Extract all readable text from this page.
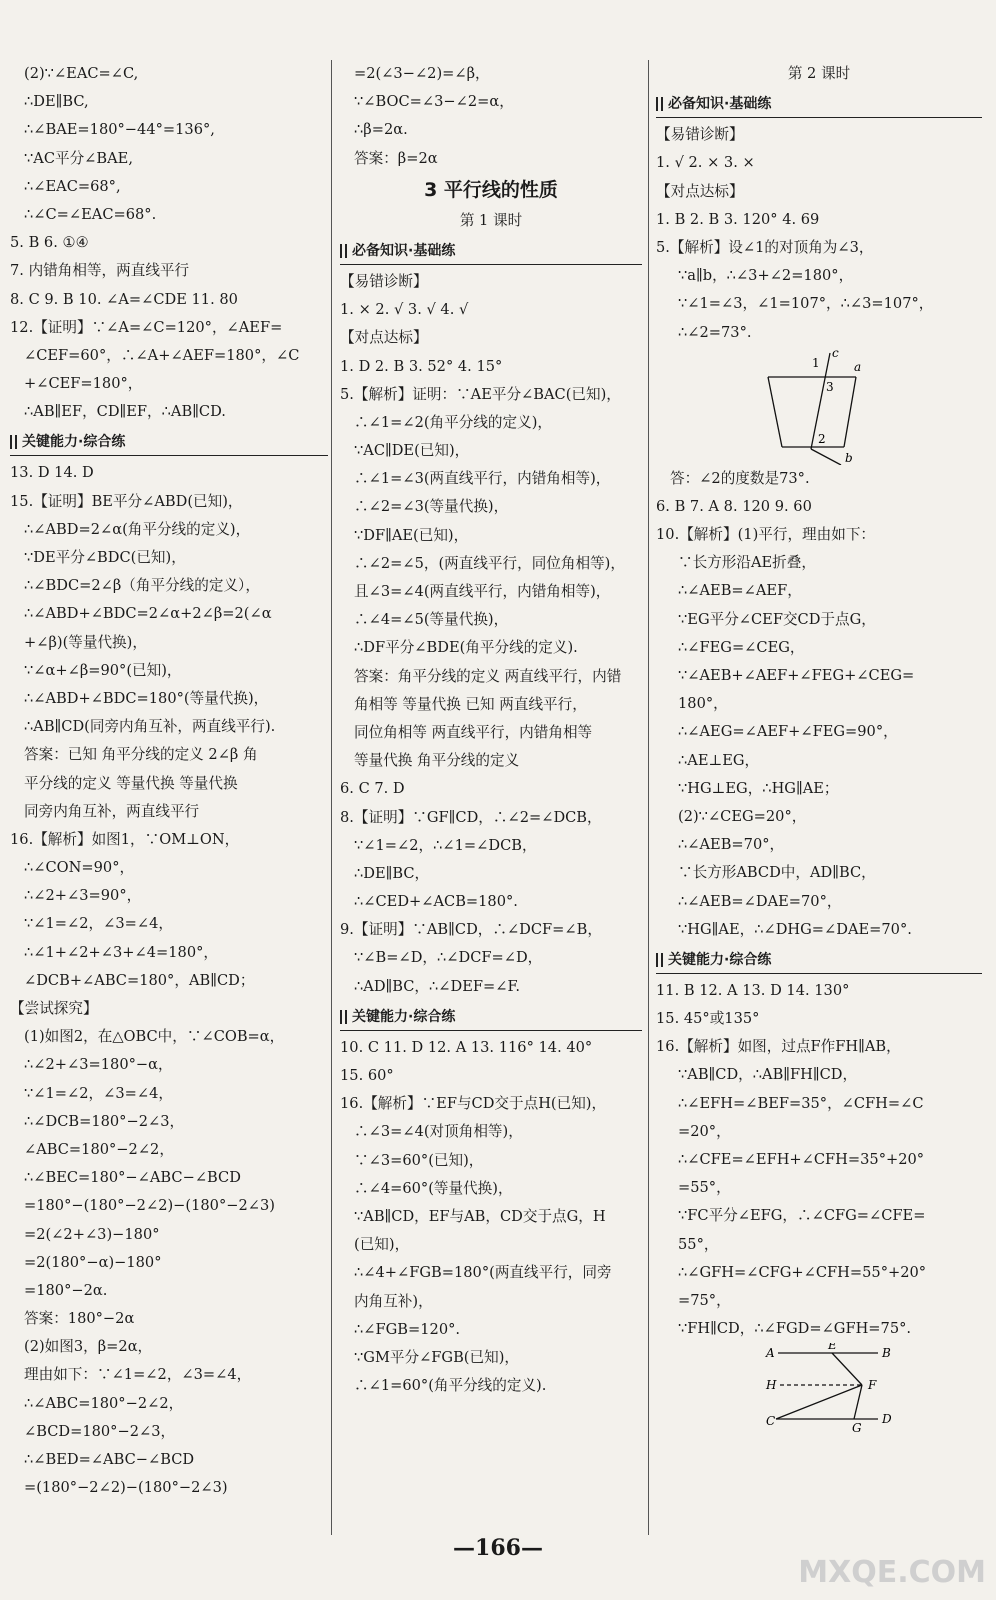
(2)∵∠EAC=∠C,
∴DE∥BC,
∴∠BAE=180°−44°=136°,
∵AC平分∠BAE,
∴∠EAC=68°,
∴∠C=∠EAC=68°.
5. B 6. ①④
7. 内错角相等，两直线平行
8. C 9. B 10. ∠A=∠CDE 11. 80
12.【证明】∵∠A=∠C=120°，∠AEF=
∠CEF=60°，∴∠A+∠AEF=180°，∠C
+∠CEF=180°，
∴AB∥EF，CD∥EF，∴AB∥CD.
关键能力·综合练
13. D 14. D
15.【证明】BE平分∠ABD(已知)，
∴∠ABD=2∠α(角平分线的定义)，
∵DE平分∠BDC(已知)，
∴∠BDC=2∠β（角平分线的定义），
∴∠ABD+∠BDC=2∠α+2∠β=2(∠α
+∠β)(等量代换)，
∵∠α+∠β=90°(已知)，
∴∠ABD+∠BDC=180°(等量代换)，
∴AB∥CD(同旁内角互补，两直线平行).
答案：已知 角平分线的定义 2∠β 角
平分线的定义 等量代换 等量代换
同旁内角互补，两直线平行
16.【解析】如图1，∵OM⊥ON，
∴∠CON=90°，
∴∠2+∠3=90°，
∵∠1=∠2，∠3=∠4，
∴∠1+∠2+∠3+∠4=180°，
∠DCB+∠ABC=180°，AB∥CD；
【尝试探究】
(1)如图2，在△OBC中，∵∠COB=α，
∴∠2+∠3=180°−α，
∵∠1=∠2，∠3=∠4，
∴∠DCB=180°−2∠3，
∠ABC=180°−2∠2，
∴∠BEC=180°−∠ABC−∠BCD
=180°−(180°−2∠2)−(180°−2∠3)
=2(∠2+∠3)−180°
=2(180°−α)−180°
=180°−2α.
答案：180°−2α
(2)如图3，β=2α，
理由如下：∵∠1=∠2，∠3=∠4，
∴∠ABC=180°−2∠2，
∠BCD=180°−2∠3，
∴∠BED=∠ABC−∠BCD
=(180°−2∠2)−(180°−2∠3)
=2(∠3−∠2)=∠β，
∵∠BOC=∠3−∠2=α，
∴β=2α.
答案：β=2α
3 平行线的性质
第 1 课时
必备知识·基础练
【易错诊断】
1. × 2. √ 3. √ 4. √
【对点达标】
1. D 2. B 3. 52° 4. 15°
5.【解析】证明：∵AE平分∠BAC(已知)，
∴∠1=∠2(角平分线的定义)，
∵AC∥DE(已知)，
∴∠1=∠3(两直线平行，内错角相等)，
∴∠2=∠3(等量代换)，
∵DF∥AE(已知)，
∴∠2=∠5，(两直线平行，同位角相等)，
且∠3=∠4(两直线平行，内错角相等)，
∴∠4=∠5(等量代换)，
∴DF平分∠BDE(角平分线的定义).
答案：角平分线的定义 两直线平行，内错
角相等 等量代换 已知 两直线平行，
同位角相等 两直线平行，内错角相等
等量代换 角平分线的定义
6. C 7. D
8.【证明】∵GF∥CD，∴∠2=∠DCB，
∵∠1=∠2，∴∠1=∠DCB，
∴DE∥BC，
∴∠CED+∠ACB=180°.
9.【证明】∵AB∥CD，∴∠DCF=∠B，
∵∠B=∠D，∴∠DCF=∠D，
∴AD∥BC，∴∠DEF=∠F.
关键能力·综合练
10. C 11. D 12. A 13. 116° 14. 40°
15. 60°
16.【解析】∵EF与CD交于点H(已知)，
∴∠3=∠4(对顶角相等)，
∵∠3=60°(已知)，
∴∠4=60°(等量代换)，
∵AB∥CD，EF与AB，CD交于点G，H
(已知)，
∴∠4+∠FGB=180°(两直线平行，同旁
内角互补)，
∴∠FGB=120°.
∵GM平分∠FGB(已知)，
∴∠1=60°(角平分线的定义).
第 2 课时
必备知识·基础练
【易错诊断】
1. √ 2. × 3. ×
【对点达标】
1. B 2. B 3. 120° 4. 69
5.【解析】设∠1的对顶角为∠3，
∵a∥b，∴∠3+∠2=180°，
∵∠1=∠3，∠1=107°，∴∠3=107°，
∴∠2=73°.
a
b
c
1
2
3
答：∠2的度数是73°.
6. B 7. A 8. 120 9. 60
10.【解析】(1)平行，理由如下：
∵长方形沿AE折叠，
∴∠AEB=∠AEF，
∵EG平分∠CEF交CD于点G，
∴∠FEG=∠CEG，
∵∠AEB+∠AEF+∠FEG+∠CEG=
180°，
∴∠AEG=∠AEF+∠FEG=90°，
∴AE⊥EG，
∵HG⊥EG，∴HG∥AE；
(2)∵∠CEG=20°，
∴∠AEB=70°，
∵长方形ABCD中，AD∥BC，
∴∠AEB=∠DAE=70°，
∵HG∥AE，∴∠DHG=∠DAE=70°.
关键能力·综合练
11. B 12. A 13. D 14. 130°
15. 45°或135°
16.【解析】如图，过点F作FH∥AB，
∵AB∥CD，∴AB∥FH∥CD，
∴∠EFH=∠BEF=35°，∠CFH=∠C
=20°，
∴∠CFE=∠EFH+∠CFH=35°+20°
=55°，
∵FC平分∠EFG，∴∠CFG=∠CFE=
55°，
∴∠GFH=∠CFG+∠CFH=55°+20°
=75°，
∵FH∥CD，∴∠FGD=∠GFH=75°.
A	B
C	D
E
F
G
H
—166—
MXQE.COM
